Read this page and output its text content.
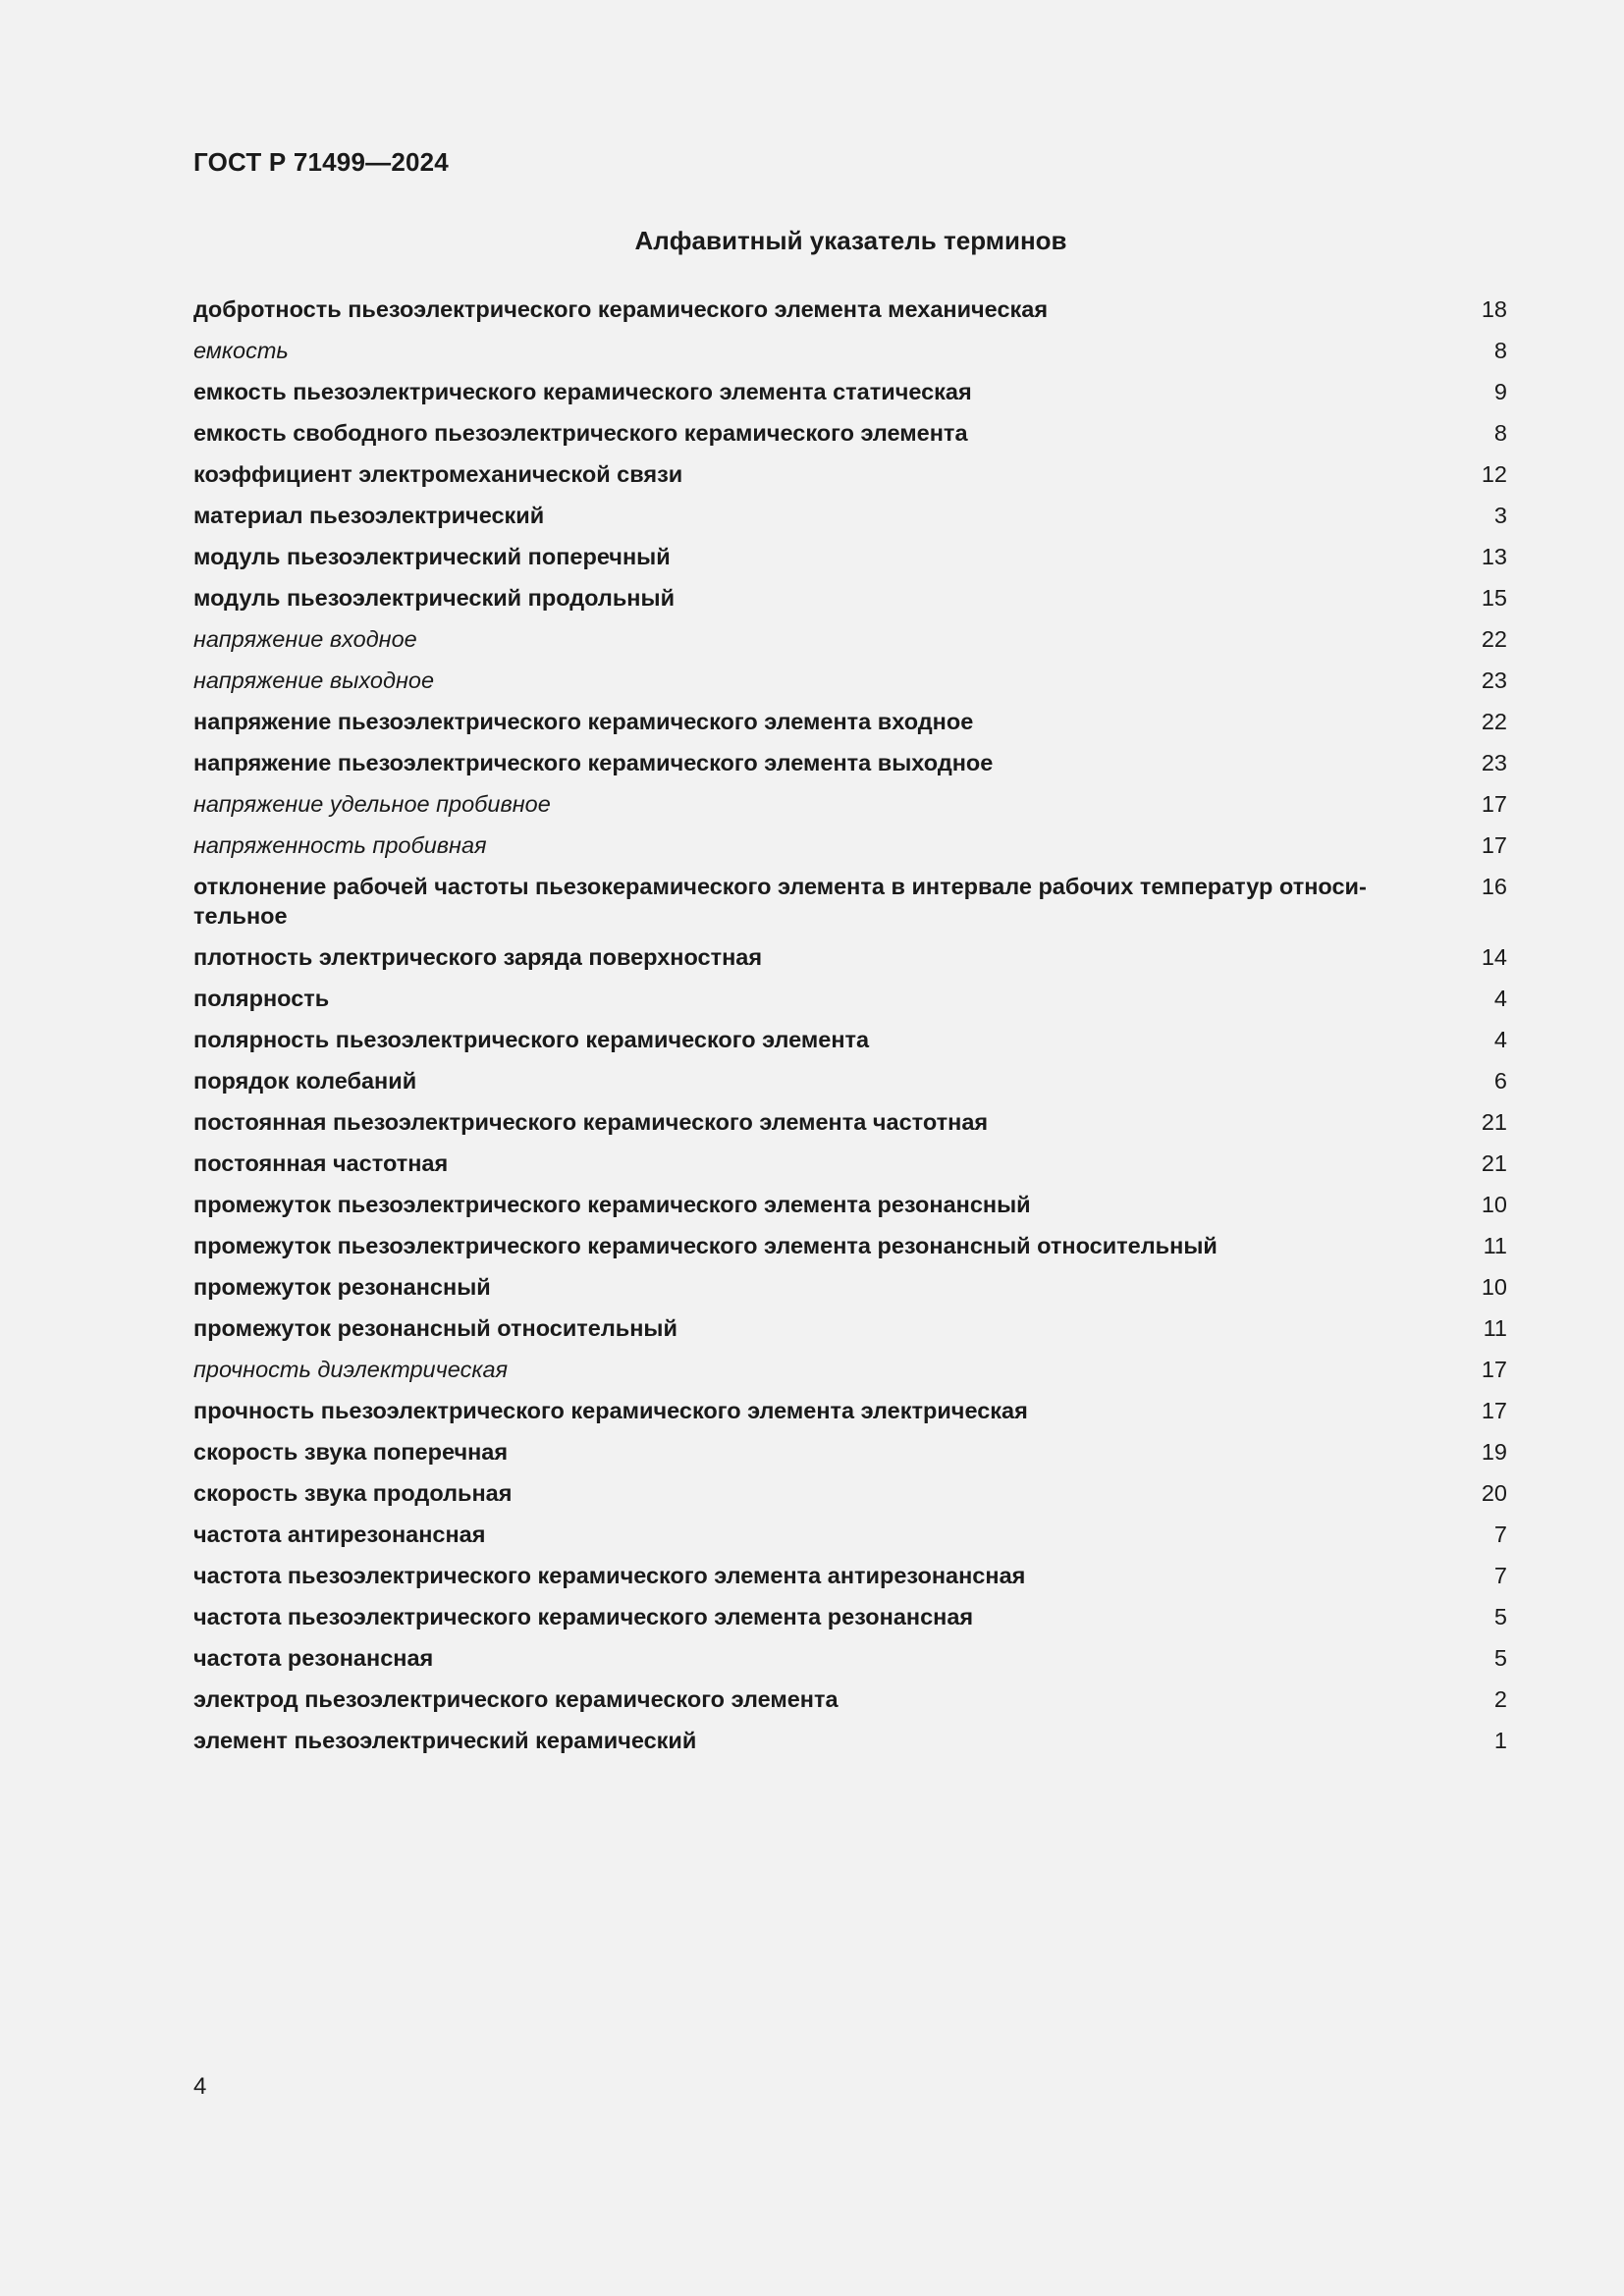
ГОСТ Р 71499—2024
Алфавитный указатель терминов
добротность пьезоэлектрического керамического элемента механическая	18
емкость	8
емкость пьезоэлектрического керамического элемента статическая	9
емкость свободного пьезоэлектрического керамического элемента	8
коэффициент электромеханической связи	12
материал пьезоэлектрический	3
модуль пьезоэлектрический поперечный	13
модуль пьезоэлектрический продольный	15
напряжение входное	22
напряжение выходное	23
напряжение пьезоэлектрического керамического элемента входное	22
напряжение пьезоэлектрического керамического элемента выходное	23
напряжение удельное пробивное	17
напряженность пробивная	17
отклонение рабочей частоты пьезокерамического элемента в интервале рабочих температур относи-тельное
16
плотность электрического заряда поверхностная	14
полярность	4
полярность пьезоэлектрического керамического элемента	4
порядок колебаний	6
постоянная пьезоэлектрического керамического элемента частотная	21
постоянная частотная	21
промежуток пьезоэлектрического керамического элемента резонансный	10
промежуток пьезоэлектрического керамического элемента резонансный относительный	11
промежуток резонансный	10
промежуток резонансный относительный	11
прочность диэлектрическая	17
прочность пьезоэлектрического керамического элемента электрическая	17
скорость звука поперечная	19
скорость звука продольная	20
частота антирезонансная	7
частота пьезоэлектрического керамического элемента антирезонансная	7
частота пьезоэлектрического керамического элемента резонансная	5
частота резонансная	5
электрод пьезоэлектрического керамического элемента	2
элемент пьезоэлектрический керамический	1
4
